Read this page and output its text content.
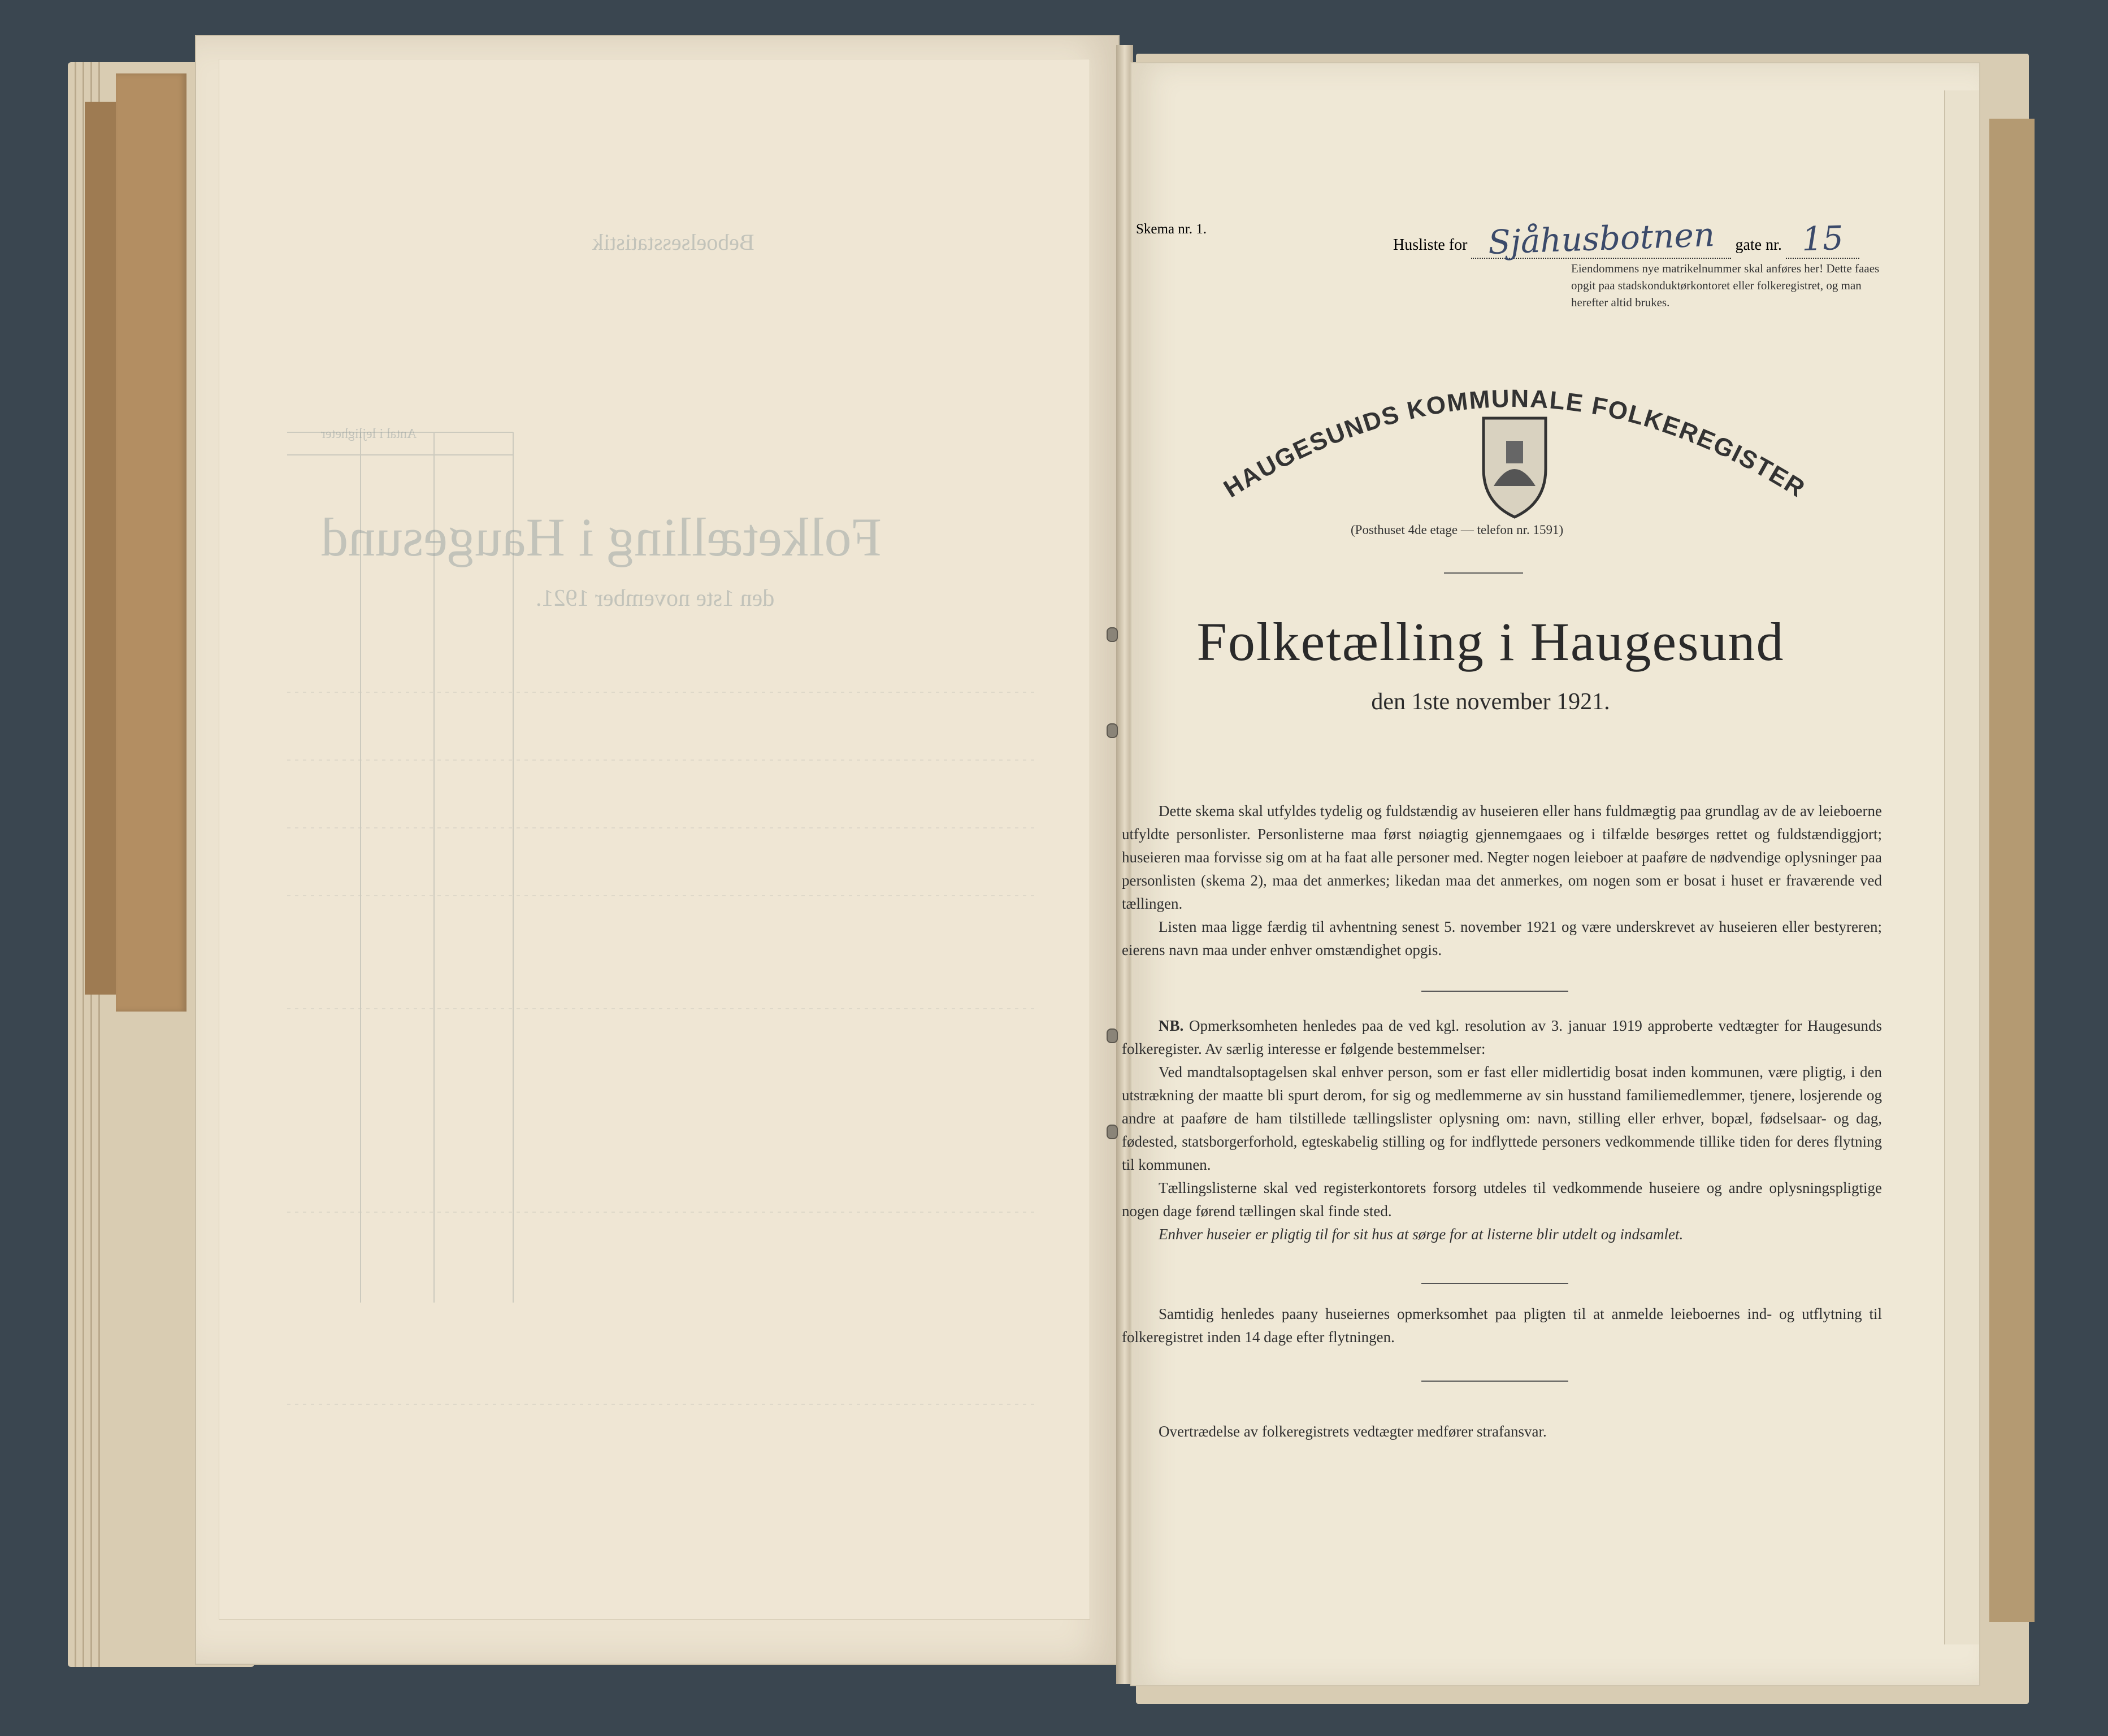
Beboelsesstatistik
Folketælling i Haugesund
den 1ste november 1921.
Antal i lejligheter
Skema nr. 1.
Husliste for Sjåhusbotnen gate nr. 15
Eiendommens nye matrikelnummer skal anføres her! Dette faaes opgit paa stadskonduktørkontoret eller folkeregistret, og man herefter altid brukes.
HAUGESUNDS KOMMUNALE FOLKEREGISTER
(Posthuset 4de etage — telefon nr. 1591)
Folketælling i Haugesund
den 1ste november 1921.

Dette skema skal utfyldes tydelig og fuldstændig av huseieren eller hans fuldmægtig paa grundlag av de av leieboerne utfyldte personlister. Personlisterne maa først nøiagtig gjennemgaaes og i tilfælde besørges rettet og fuldstændiggjort; huseieren maa forvisse sig om at ha faat alle personer med. Negter nogen leieboer at paaføre de nødvendige oplysninger paa personlisten (skema 2), maa det anmerkes; likedan maa det anmerkes, om nogen som er bosat i huset er fraværende ved tællingen.

Listen maa ligge færdig til avhentning senest 5. november 1921 og være underskrevet av huseieren eller bestyreren; eierens navn maa under enhver omstændighet opgis.

NB. Opmerksomheten henledes paa de ved kgl. resolution av 3. januar 1919 approberte vedtægter for Haugesunds folkeregister. Av særlig interesse er følgende bestemmelser:

Ved mandtalsoptagelsen skal enhver person, som er fast eller midlertidig bosat inden kommunen, være pligtig, i den utstrækning der maatte bli spurt derom, for sig og medlemmerne av sin husstand familiemedlemmer, tjenere, losjerende og andre at paaføre de ham tilstillede tællingslister oplysning om: navn, stilling eller erhver, bopæl, fødselsaar- og dag, fødested, statsborgerforhold, egteskabelig stilling og for indflyttede personers vedkommende tillike tiden for deres flytning til kommunen.

Tællingslisterne skal ved registerkontorets forsorg utdeles til vedkommende huseiere og andre oplysningspligtige nogen dage førend tællingen skal finde sted.

Enhver huseier er pligtig til for sit hus at sørge for at listerne blir utdelt og indsamlet.

Samtidig henledes paany huseiernes opmerksomhet paa pligten til at anmelde leieboernes ind- og utflytning til folkeregistret inden 14 dage efter flytningen.

Overtrædelse av folkeregistrets vedtægter medfører strafansvar.
